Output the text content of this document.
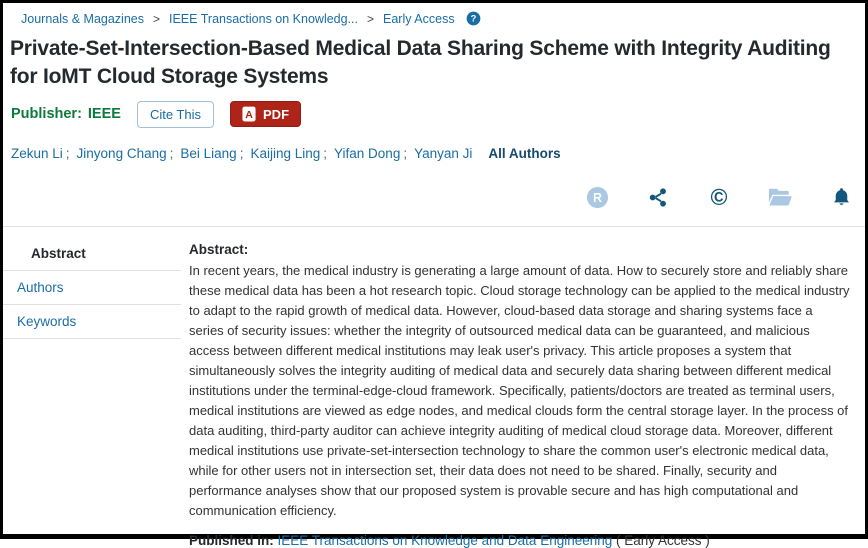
Journals & Magazines > IEEE Transactions on Knowledg... > Early Access ?
Private-Set-Intersection-Based Medical Data Sharing Scheme with Integrity Auditing for IoMT Cloud Storage Systems
Publisher: IEEE	Cite This	A PDF
Zekun Li ; Jinyong Chang ; Bei Liang ; Kaijing Ling ; Yifan Dong ; Yanyan Ji All Authors
R	©
Abstract
Authors
Keywords
Abstract:

In recent years, the medical industry is generating a large amount of data. How to securely store and reliably share these medical data has been a hot research topic. Cloud storage technology can be applied to the medical industry to adapt to the rapid growth of medical data. However, cloud-based data storage and sharing systems face a series of security issues: whether the integrity of outsourced medical data can be guaranteed, and malicious access between different medical institutions may leak user's privacy. This article proposes a system that simultaneously solves the integrity auditing of medical data and securely data sharing between different medical institutions under the terminal-edge-cloud framework. Specifically, patients/doctors are treated as terminal users, medical institutions are viewed as edge nodes, and medical clouds form the central storage layer. In the process of data auditing, third-party auditor can achieve integrity auditing of medical cloud storage data. Moreover, different medical institutions use private-set-intersection technology to share the common user's electronic medical data, while for other users not in intersection set, their data does not need to be shared. Finally, security and performance analyses show that our proposed system is provable secure and has high computational and communication efficiency.

Published in: IEEE Transactions on Knowledge and Data Engineering ( Early Access )
